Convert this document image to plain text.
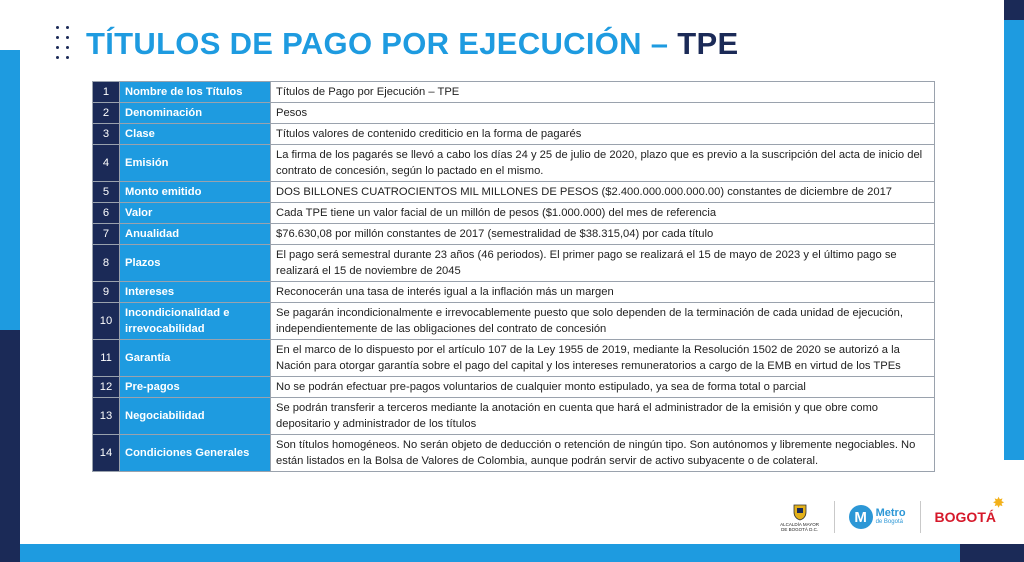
TÍTULOS DE PAGO POR EJECUCIÓN – TPE
1	Nombre de los Títulos	Títulos de Pago por Ejecución – TPE
2	Denominación	Pesos
3	Clase	Títulos valores de contenido crediticio en la forma de pagarés
4	Emisión	La firma de los pagarés se llevó a cabo los días 24 y 25 de julio de 2020, plazo que es previo a la suscripción del acta de inicio del contrato de concesión, según lo pactado en el mismo.
5	Monto emitido	DOS BILLONES CUATROCIENTOS MIL MILLONES DE PESOS ($2.400.000.000.000.00) constantes de diciembre de 2017
6	Valor	Cada TPE tiene un valor facial de un millón de pesos ($1.000.000) del mes de referencia
7	Anualidad	$76.630,08 por millón constantes de 2017 (semestralidad de $38.315,04) por cada título
8	Plazos	El pago será semestral durante 23 años (46 periodos). El primer pago se realizará el 15 de mayo de 2023 y el último pago se realizará el 15 de noviembre de 2045
9	Intereses	Reconocerán una tasa de interés igual a la inflación más un margen
10	Incondicionalidad e irrevocabilidad	Se pagarán incondicionalmente e irrevocablemente puesto que solo dependen de la terminación de cada unidad de ejecución, independientemente de las obligaciones del contrato de concesión
11	Garantía	En el marco de lo dispuesto por el artículo 107 de la Ley 1955 de 2019, mediante la Resolución 1502 de 2020 se autorizó a la Nación para otorgar garantía sobre el pago del capital y los intereses remuneratorios a cargo de la EMB en virtud de los TPEs
12	Pre-pagos	No se podrán efectuar pre-pagos voluntarios de cualquier monto estipulado, ya sea de forma total o parcial
13	Negociabilidad	Se podrán transferir a terceros mediante la anotación en cuenta que hará el administrador de la emisión y que obre como depositario y administrador de los títulos
14	Condiciones Generales	Son títulos homogéneos. No serán objeto de deducción o retención de ningún tipo. Son autónomos y libremente negociables. No están listados en la Bolsa de Valores de Colombia, aunque podrán servir de activo subyacente o de colateral.
ALCALDÍA MAYOR DE BOGOTÁ D.C.
M Metro
de Bogotá BOGOTÁ
✸
